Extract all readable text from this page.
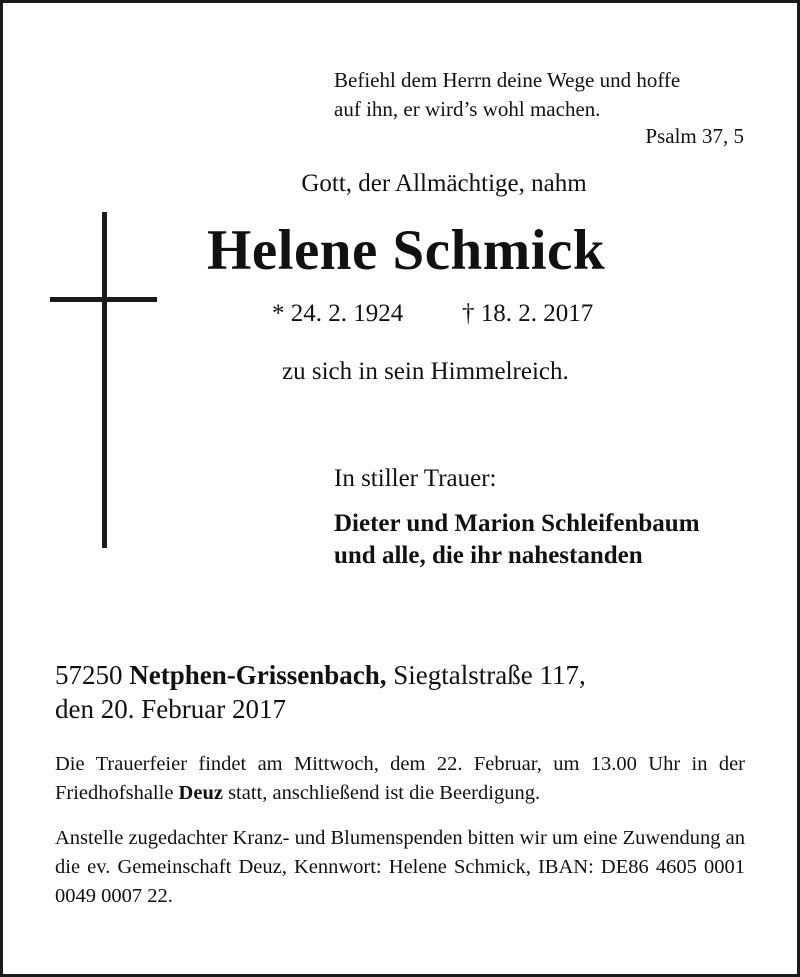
Befiehl dem Herrn deine Wege und hoffe
auf ihn, er wird’s wohl machen.
Psalm 37, 5
Gott, der Allmächtige, nahm
Helene Schmick
* 24. 2. 1924 † 18. 2. 2017
zu sich in sein Himmelreich.
In stiller Trauer:
Dieter und Marion Schleifenbaum
und alle, die ihr nahestanden
57250 Netphen-Grissenbach, Siegtalstraße 117,
den 20. Februar 2017
Die Trauerfeier findet am Mittwoch, dem 22. Februar, um 13.00 Uhr in der Friedhofshalle Deuz statt, anschließend ist die Beerdigung.
Anstelle zugedachter Kranz- und Blumenspenden bitten wir um eine Zuwendung an die ev. Gemeinschaft Deuz, Kennwort: Helene Schmick, IBAN: DE86 4605 0001 0049 0007 22.
